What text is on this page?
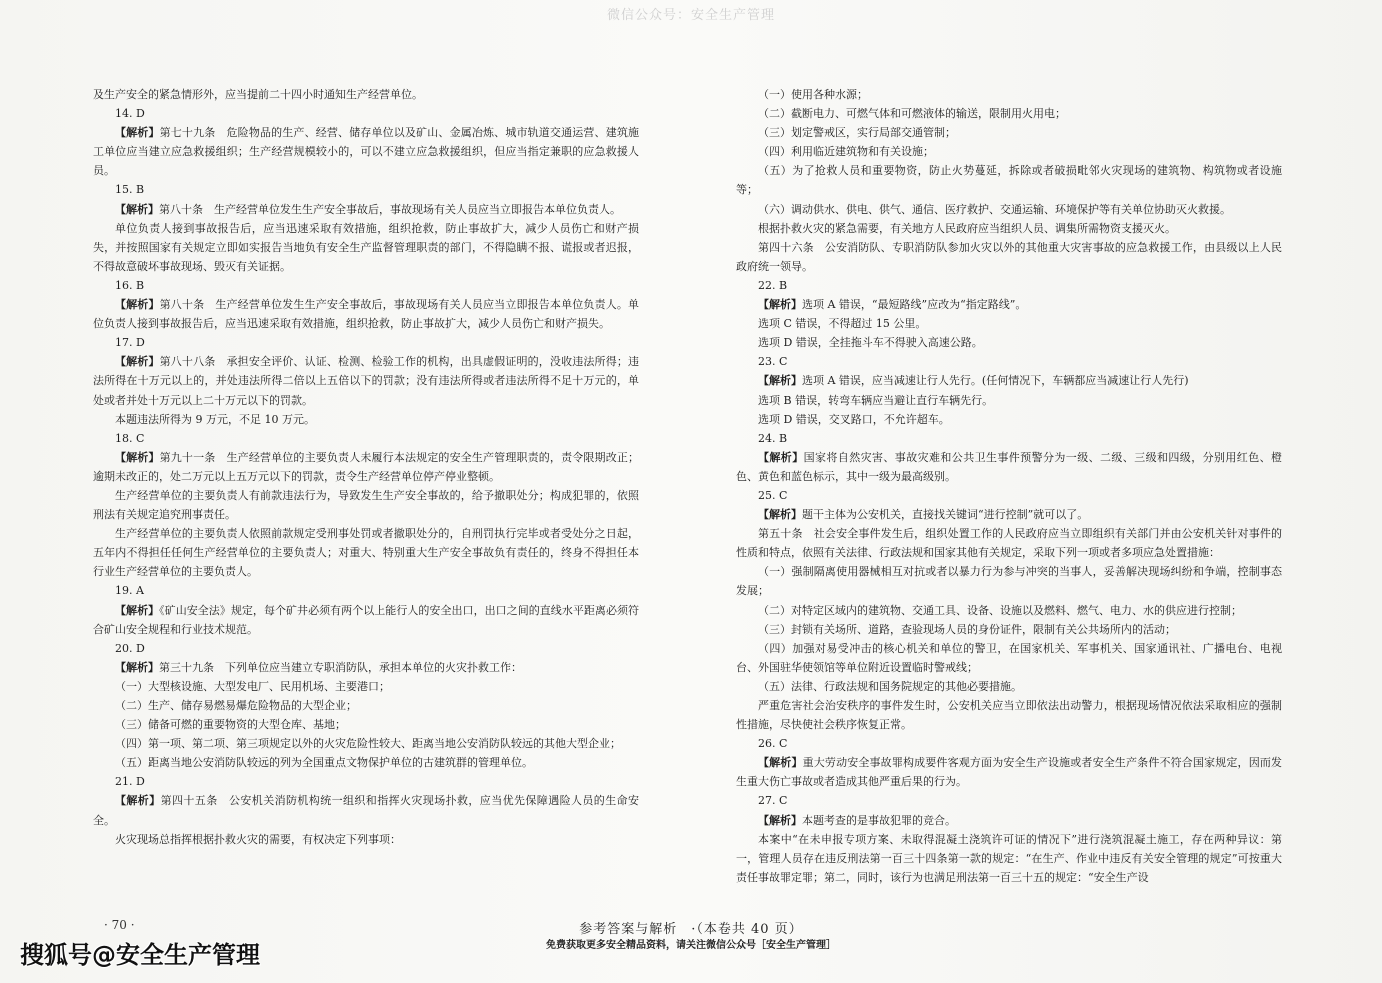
微信公众号：安全生产管理

及生产安全的紧急情形外，应当提前二十四小时通知生产经营单位。

14. D

【解析】第七十九条　危险物品的生产、经营、储存单位以及矿山、金属冶炼、城市轨道交通运营、建筑施工单位应当建立应急救援组织；生产经营规模较小的，可以不建立应急救援组织，但应当指定兼职的应急救援人员。

15. B

【解析】第八十条　生产经营单位发生生产安全事故后，事故现场有关人员应当立即报告本单位负责人。

单位负责人接到事故报告后，应当迅速采取有效措施，组织抢救，防止事故扩大，减少人员伤亡和财产损失，并按照国家有关规定立即如实报告当地负有安全生产监督管理职责的部门，不得隐瞒不报、谎报或者迟报，不得故意破坏事故现场、毁灭有关证据。

16. B

【解析】第八十条　生产经营单位发生生产安全事故后，事故现场有关人员应当立即报告本单位负责人。单位负责人接到事故报告后，应当迅速采取有效措施，组织抢救，防止事故扩大，减少人员伤亡和财产损失。

17. D

【解析】第八十八条　承担安全评价、认证、检测、检验工作的机构，出具虚假证明的，没收违法所得；违法所得在十万元以上的，并处违法所得二倍以上五倍以下的罚款；没有违法所得或者违法所得不足十万元的，单处或者并处十万元以上二十万元以下的罚款。

本题违法所得为 9 万元，不足 10 万元。

18. C

【解析】第九十一条　生产经营单位的主要负责人未履行本法规定的安全生产管理职责的，责令限期改正；逾期未改正的，处二万元以上五万元以下的罚款，责令生产经营单位停产停业整顿。

生产经营单位的主要负责人有前款违法行为，导致发生生产安全事故的，给予撤职处分；构成犯罪的，依照刑法有关规定追究刑事责任。

生产经营单位的主要负责人依照前款规定受刑事处罚或者撤职处分的，自刑罚执行完毕或者受处分之日起，五年内不得担任任何生产经营单位的主要负责人；对重大、特别重大生产安全事故负有责任的，终身不得担任本行业生产经营单位的主要负责人。

19. A

【解析】《矿山安全法》规定，每个矿井必须有两个以上能行人的安全出口，出口之间的直线水平距离必须符合矿山安全规程和行业技术规范。

20. D

【解析】第三十九条　下列单位应当建立专职消防队，承担本单位的火灾扑救工作：

（一）大型核设施、大型发电厂、民用机场、主要港口；

（二）生产、储存易燃易爆危险物品的大型企业；

（三）储备可燃的重要物资的大型仓库、基地；

（四）第一项、第二项、第三项规定以外的火灾危险性较大、距离当地公安消防队较远的其他大型企业；

（五）距离当地公安消防队较远的列为全国重点文物保护单位的古建筑群的管理单位。

21. D

【解析】第四十五条　公安机关消防机构统一组织和指挥火灾现场扑救，应当优先保障遇险人员的生命安全。

火灾现场总指挥根据扑救火灾的需要，有权决定下列事项：

（一）使用各种水源；

（二）截断电力、可燃气体和可燃液体的输送，限制用火用电；

（三）划定警戒区，实行局部交通管制；

（四）利用临近建筑物和有关设施；

（五）为了抢救人员和重要物资，防止火势蔓延，拆除或者破损毗邻火灾现场的建筑物、构筑物或者设施等；

（六）调动供水、供电、供气、通信、医疗救护、交通运输、环境保护等有关单位协助灭火救援。

根据扑救火灾的紧急需要，有关地方人民政府应当组织人员、调集所需物资支援灭火。

第四十六条　公安消防队、专职消防队参加火灾以外的其他重大灾害事故的应急救援工作，由县级以上人民政府统一领导。

22. B

【解析】选项 A 错误，“最短路线”应改为“指定路线”。

选项 C 错误，不得超过 15 公里。

选项 D 错误，全挂拖斗车不得驶入高速公路。

23. C

【解析】选项 A 错误，应当减速让行人先行。(任何情况下，车辆都应当减速让行人先行)

选项 B 错误，转弯车辆应当避让直行车辆先行。

选项 D 错误，交叉路口，不允许超车。

24. B

【解析】国家将自然灾害、事故灾难和公共卫生事件预警分为一级、二级、三级和四级，分别用红色、橙色、黄色和蓝色标示，其中一级为最高级别。

25. C

【解析】题干主体为公安机关，直接找关键词“进行控制”就可以了。

第五十条　社会安全事件发生后，组织处置工作的人民政府应当立即组织有关部门并由公安机关针对事件的性质和特点，依照有关法律、行政法规和国家其他有关规定，采取下列一项或者多项应急处置措施：

（一）强制隔离使用器械相互对抗或者以暴力行为参与冲突的当事人，妥善解决现场纠纷和争端，控制事态发展；

（二）对特定区域内的建筑物、交通工具、设备、设施以及燃料、燃气、电力、水的供应进行控制；

（三）封锁有关场所、道路，查验现场人员的身份证件，限制有关公共场所内的活动；

（四）加强对易受冲击的核心机关和单位的警卫，在国家机关、军事机关、国家通讯社、广播电台、电视台、外国驻华使领馆等单位附近设置临时警戒线；

（五）法律、行政法规和国务院规定的其他必要措施。

严重危害社会治安秩序的事件发生时，公安机关应当立即依法出动警力，根据现场情况依法采取相应的强制性措施，尽快使社会秩序恢复正常。

26. C

【解析】重大劳动安全事故罪构成要件客观方面为安全生产设施或者安全生产条件不符合国家规定，因而发生重大伤亡事故或者造成其他严重后果的行为。

27. C

【解析】本题考查的是事故犯罪的竞合。

本案中“在未申报专项方案、未取得混凝土浇筑许可证的情况下”进行浇筑混凝土施工，存在两种异议：第一，管理人员存在违反刑法第一百三十四条第一款的规定：“在生产、作业中违反有关安全管理的规定”可按重大责任事故罪定罪；第二，同时，该行为也满足刑法第一百三十五的规定：“安全生产设

· 70 ·	参考答案与解析　·（本卷共 40 页）
免费获取更多安全精品资料，请关注微信公众号［安全生产管理］
搜狐号@安全生产管理
